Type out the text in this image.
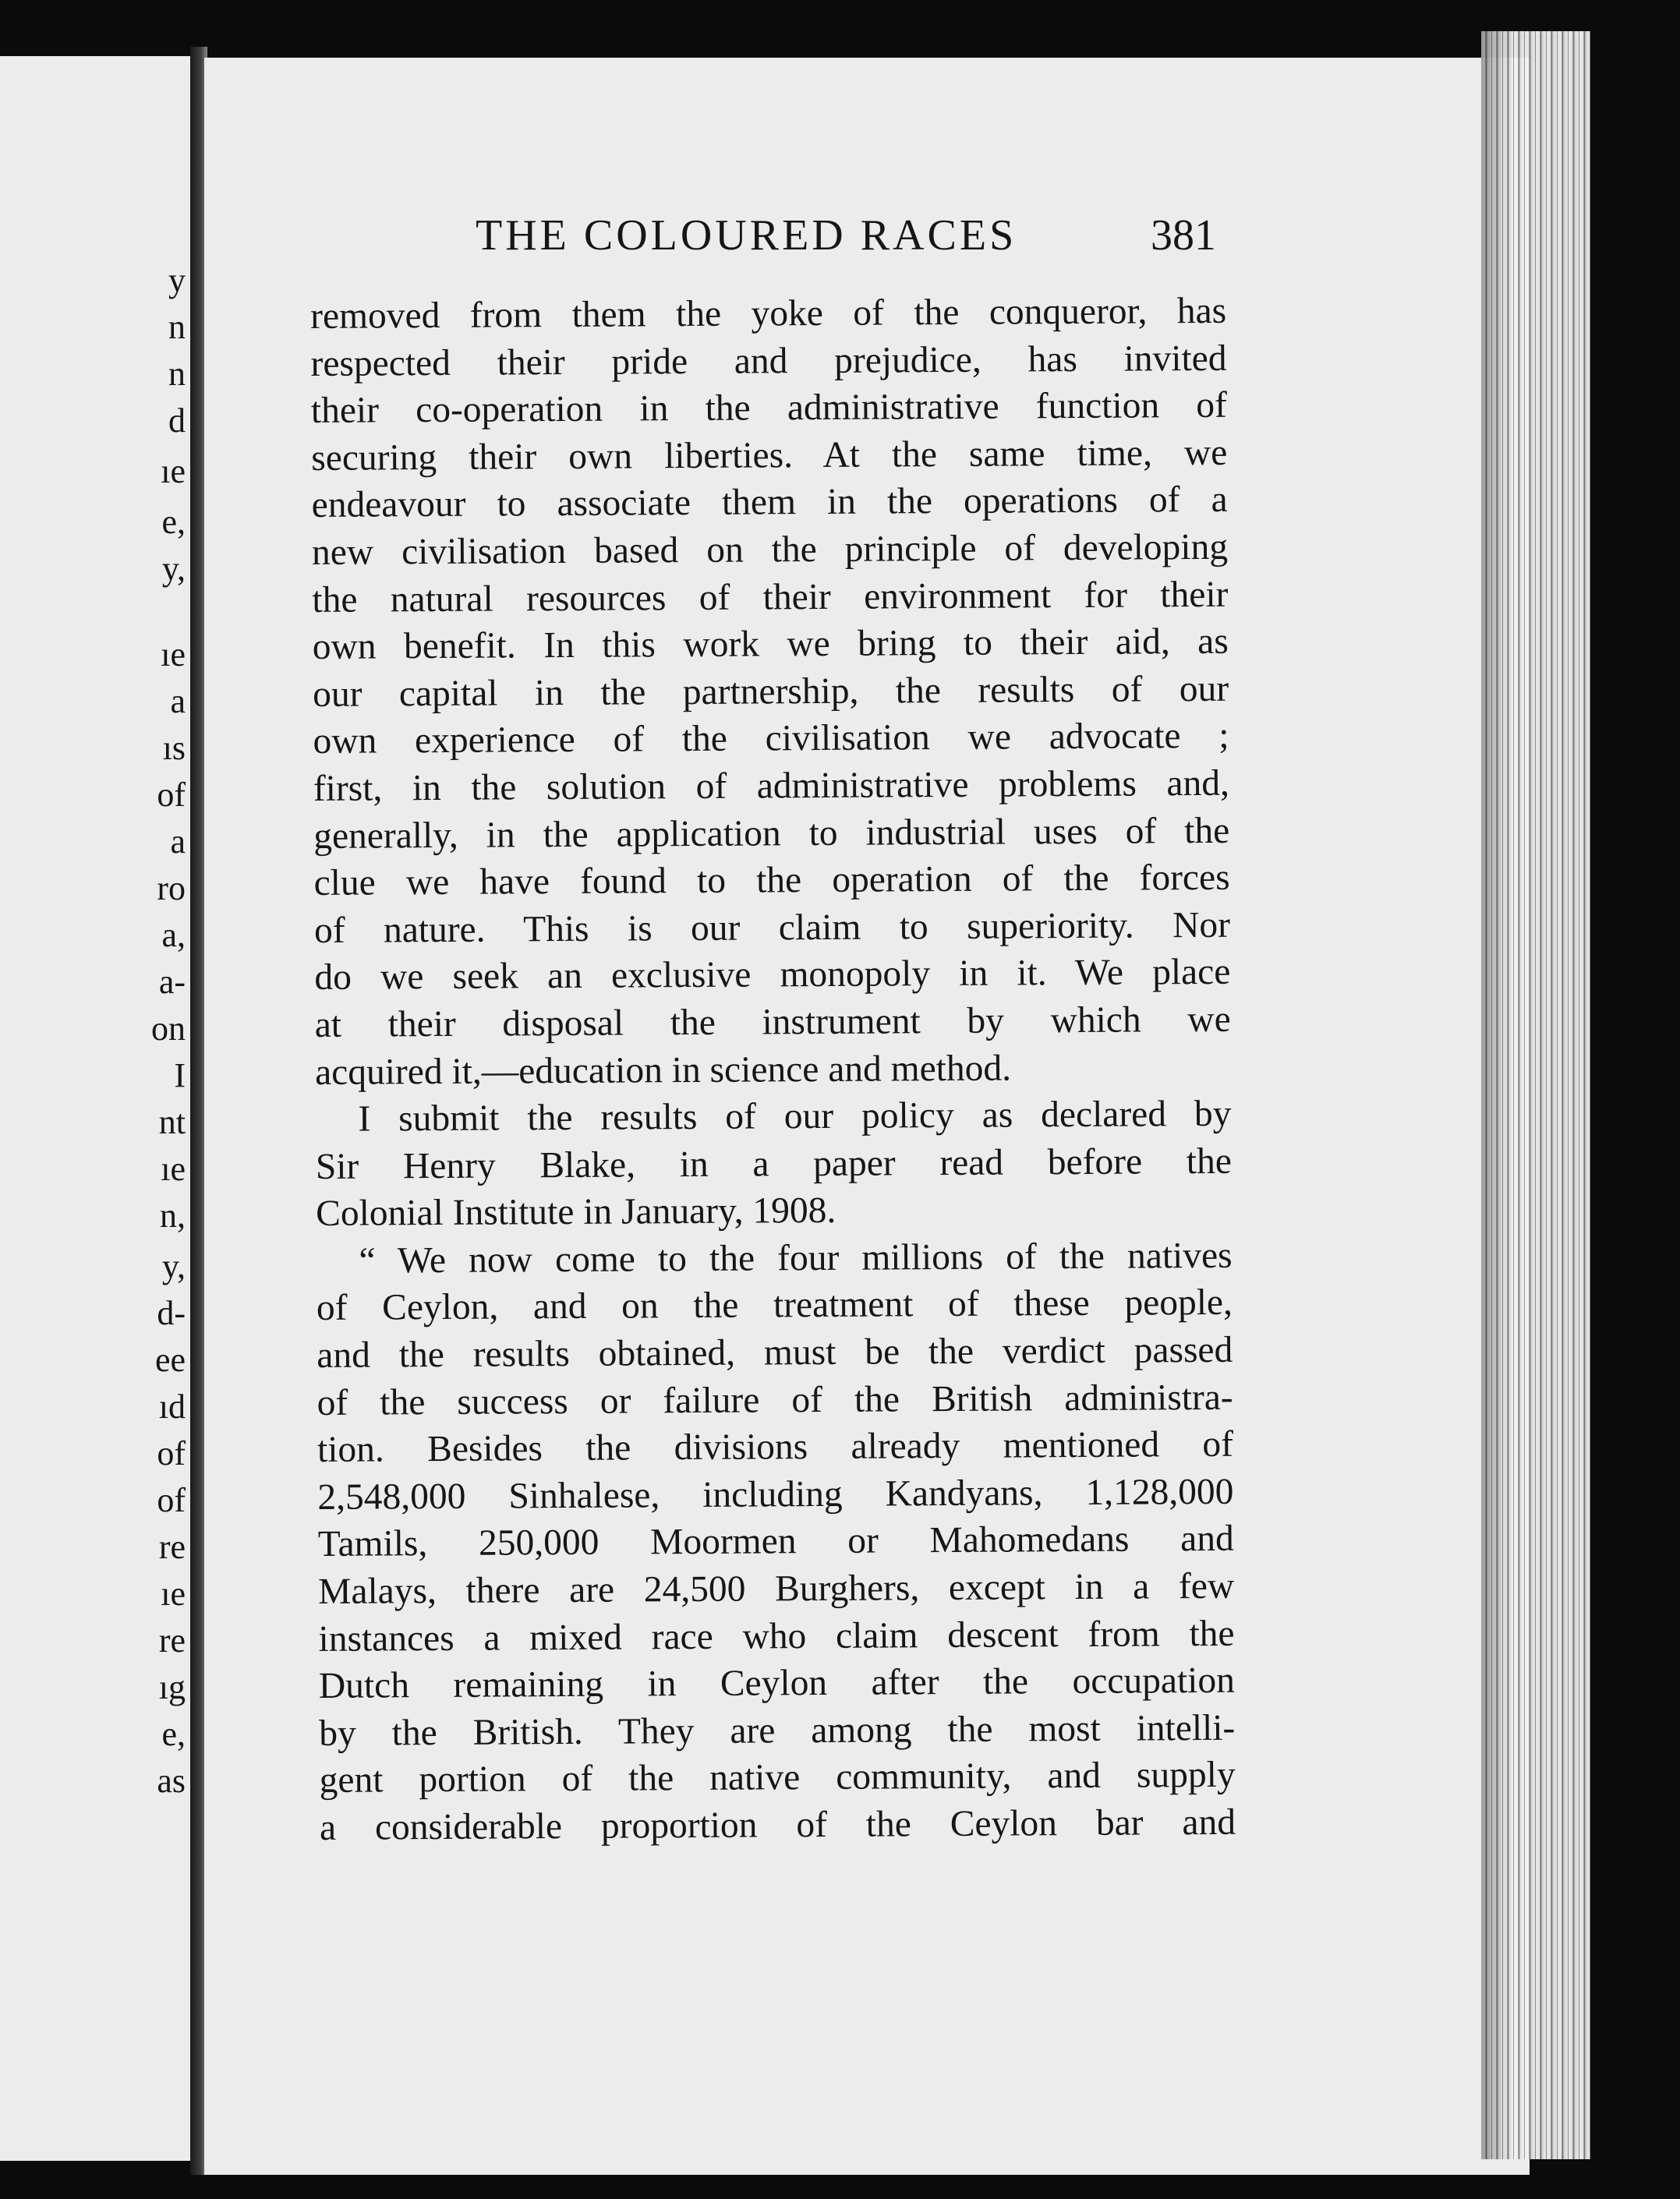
y
n
n
d
ıe
e,
y,
ıe
a
ıs
of
a
ro
a,
a-
on
I
nt
ıe
n,
y,
d-
ee
ıd
of
of
re
ıe
re
ıg
e,
as
THE COLOURED RACES	381
removed from them the yoke of the conqueror, has
respected their pride and prejudice, has invited
their co-operation in the administrative function of
securing their own liberties. At the same time, we
endeavour to associate them in the operations of a
new civilisation based on the principle of developing
the natural resources of their environment for their
own benefit. In this work we bring to their aid, as
our capital in the partnership, the results of our
own experience of the civilisation we advocate ;
first, in the solution of administrative problems and,
generally, in the application to industrial uses of the
clue we have found to the operation of the forces
of nature. This is our claim to superiority. Nor
do we seek an exclusive monopoly in it. We place
at their disposal the instrument by which we
acquired it,—education in science and method.
I submit the results of our policy as declared by
Sir Henry Blake, in a paper read before the
Colonial Institute in January, 1908.
“ We now come to the four millions of the natives
of Ceylon, and on the treatment of these people,
and the results obtained, must be the verdict passed
of the success or failure of the British administra-
tion. Besides the divisions already mentioned of
2,548,000 Sinhalese, including Kandyans, 1,128,000
Tamils, 250,000 Moormen or Mahomedans and
Malays, there are 24,500 Burghers, except in a few
instances a mixed race who claim descent from the
Dutch remaining in Ceylon after the occupation
by the British. They are among the most intelli-
gent portion of the native community, and supply
a considerable proportion of the Ceylon bar and
